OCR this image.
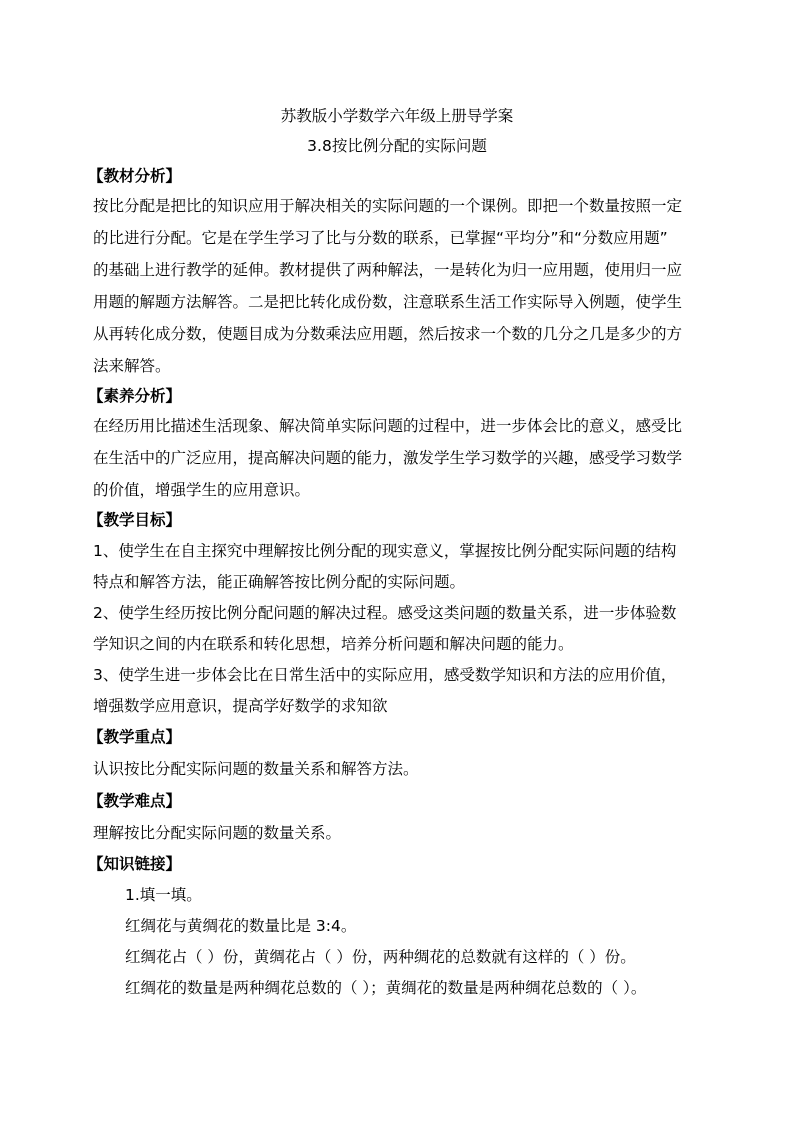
苏教版小学数学六年级上册导学案
3.8按比例分配的实际问题
【教材分析】
按比分配是把比的知识应用于解决相关的实际问题的一个课例。即把一个数量按照一定
的比进行分配。它是在学生学习了比与分数的联系，已掌握“平均分”和“分数应用题”
的基础上进行教学的延伸。教材提供了两种解法，一是转化为归一应用题，使用归一应
用题的解题方法解答。二是把比转化成份数，注意联系生活工作实际导入例题，使学生
从再转化成分数，使题目成为分数乘法应用题，然后按求一个数的几分之几是多少的方
法来解答。
【素养分析】
在经历用比描述生活现象、解决简单实际问题的过程中，进一步体会比的意义，感受比
在生活中的广泛应用，提高解决问题的能力，激发学生学习数学的兴趣，感受学习数学
的价值，增强学生的应用意识。
【教学目标】
1、使学生在自主探究中理解按比例分配的现实意义，掌握按比例分配实际问题的结构
特点和解答方法，能正确解答按比例分配的实际问题。
2、使学生经历按比例分配问题的解决过程。感受这类问题的数量关系，进一步体验数
学知识之间的内在联系和转化思想，培养分析问题和解决问题的能力。
3、使学生进一步体会比在日常生活中的实际应用，感受数学知识和方法的应用价值，
增强数学应用意识，提高学好数学的求知欲
【教学重点】
认识按比分配实际问题的数量关系和解答方法。
【教学难点】
理解按比分配实际问题的数量关系。
【知识链接】
1.填一填。
红绸花与黄绸花的数量比是 3:4。
红绸花占（ ）份，黄绸花占（ ）份，两种绸花的总数就有这样的（ ）份。
红绸花的数量是两种绸花总数的（ ）；黄绸花的数量是两种绸花总数的（ ）。
